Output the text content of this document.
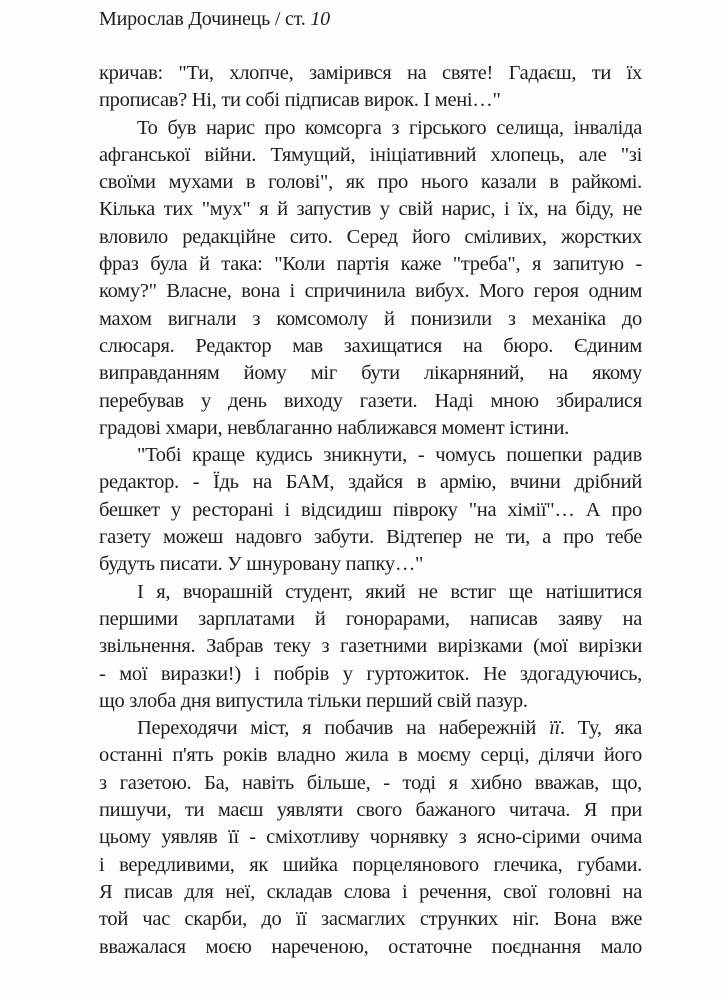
Мирослав Дочинець / ст. 10
кричав: "Ти, хлопче, замірився на святе! Гадаєш, ти їх
прописав? Ні, ти собі підписав вирок. І мені…"
То був нарис про комсорга з гірського селища, інваліда
афганської війни. Тямущий, ініціативний хлопець, але "зі
своїми мухами в голові", як про нього казали в райкомі.
Кілька тих "мух" я й запустив у свій нарис, і їх, на біду, не
вловило редакційне сито. Серед його сміливих, жорстких
фраз була й така: "Коли партія каже "треба", я запитую -
кому?" Власне, вона і спричинила вибух. Мого героя одним
махом вигнали з комсомолу й понизили з механіка до
слюсаря. Редактор мав захищатися на бюро. Єдиним
виправданням йому міг бути лікарняний, на якому
перебував у день виходу газети. Наді мною збиралися
градові хмари, невблаганно наближався момент істини.
"Тобі краще кудись зникнути, - чомусь пошепки радив
редактор. - Їдь на БАМ, здайся в армію, вчини дрібний
бешкет у ресторані і відсидиш півроку "на хімії"… А про
газету можеш надовго забути. Відтепер не ти, а про тебе
будуть писати. У шнуровану папку…"
І я, вчорашній студент, який не встиг ще натішитися
першими зарплатами й гонорарами, написав заяву на
звільнення. Забрав теку з газетними вирізками (мої вирізки
- мої виразки!) і побрів у гуртожиток. Не здогадуючись,
що злоба дня випустила тільки перший свій пазур.
Переходячи міст, я побачив на набережній її. Ту, яка
останні п'ять років владно жила в моєму серці, ділячи його
з газетою. Ба, навіть більше, - тоді я хибно вважав, що,
пишучи, ти маєш уявляти свого бажаного читача. Я при
цьому уявляв її - сміхотливу чорнявку з ясно-сірими очима
і вередливими, як шийка порцелянового глечика, губами.
Я писав для неї, складав слова і речення, свої головні на
той час скарби, до її засмаглих струнких ніг. Вона вже
вважалася моєю нареченою, остаточне поєднання мало
